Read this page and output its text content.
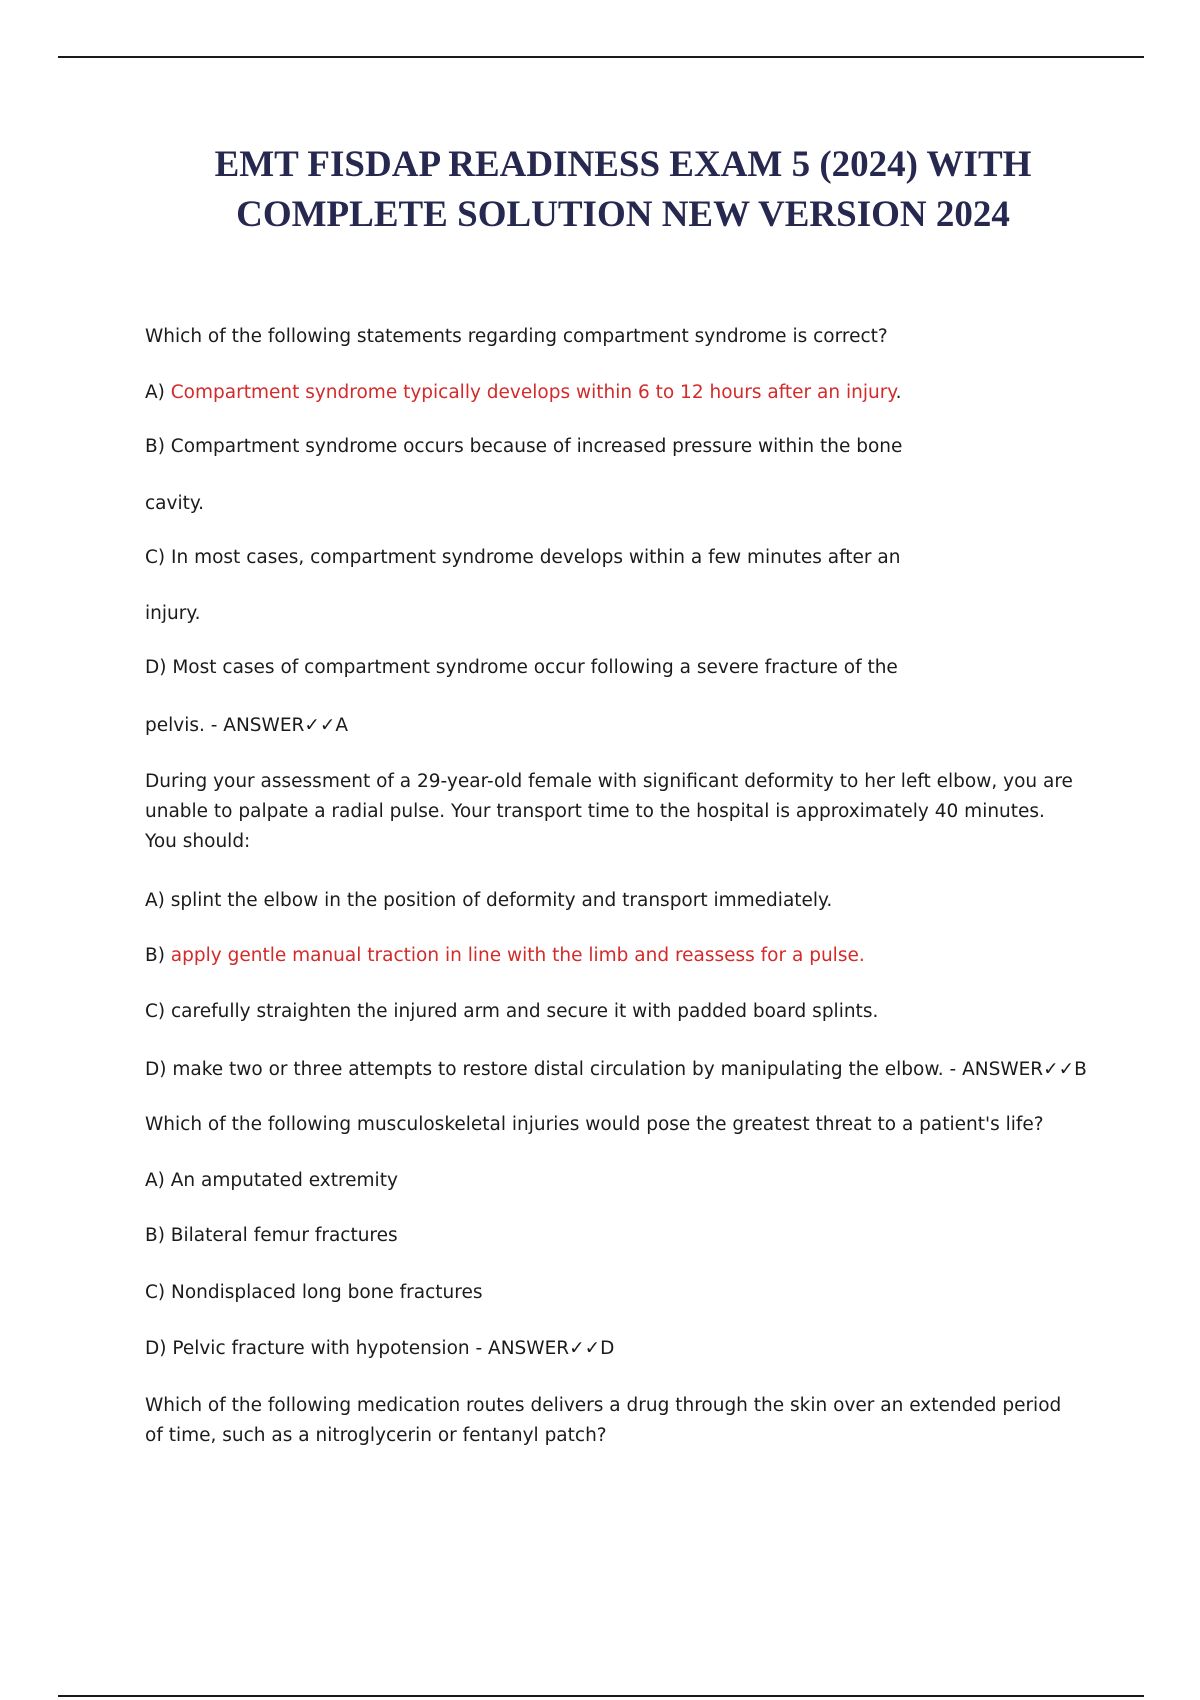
EMT FISDAP READINESS EXAM 5 (2024) WITH
COMPLETE SOLUTION NEW VERSION 2024
Which of the following statements regarding compartment syndrome is correct?
A) Compartment syndrome typically develops within 6 to 12 hours after an injury.
B) Compartment syndrome occurs because of increased pressure within the bone
cavity.
C) In most cases, compartment syndrome develops within a few minutes after an
injury.
D) Most cases of compartment syndrome occur following a severe fracture of the
pelvis. - ANSWER✓✓A
During your assessment of a 29-year-old female with significant deformity to her left elbow, you are unable to palpate a radial pulse. Your transport time to the hospital is approximately 40 minutes. You should:
A) splint the elbow in the position of deformity and transport immediately.
B) apply gentle manual traction in line with the limb and reassess for a pulse.
C) carefully straighten the injured arm and secure it with padded board splints.
D) make two or three attempts to restore distal circulation by manipulating the elbow. - ANSWER✓✓B
Which of the following musculoskeletal injuries would pose the greatest threat to a patient's life?
A) An amputated extremity
B) Bilateral femur fractures
C) Nondisplaced long bone fractures
D) Pelvic fracture with hypotension - ANSWER✓✓D
Which of the following medication routes delivers a drug through the skin over an extended period of time, such as a nitroglycerin or fentanyl patch?
